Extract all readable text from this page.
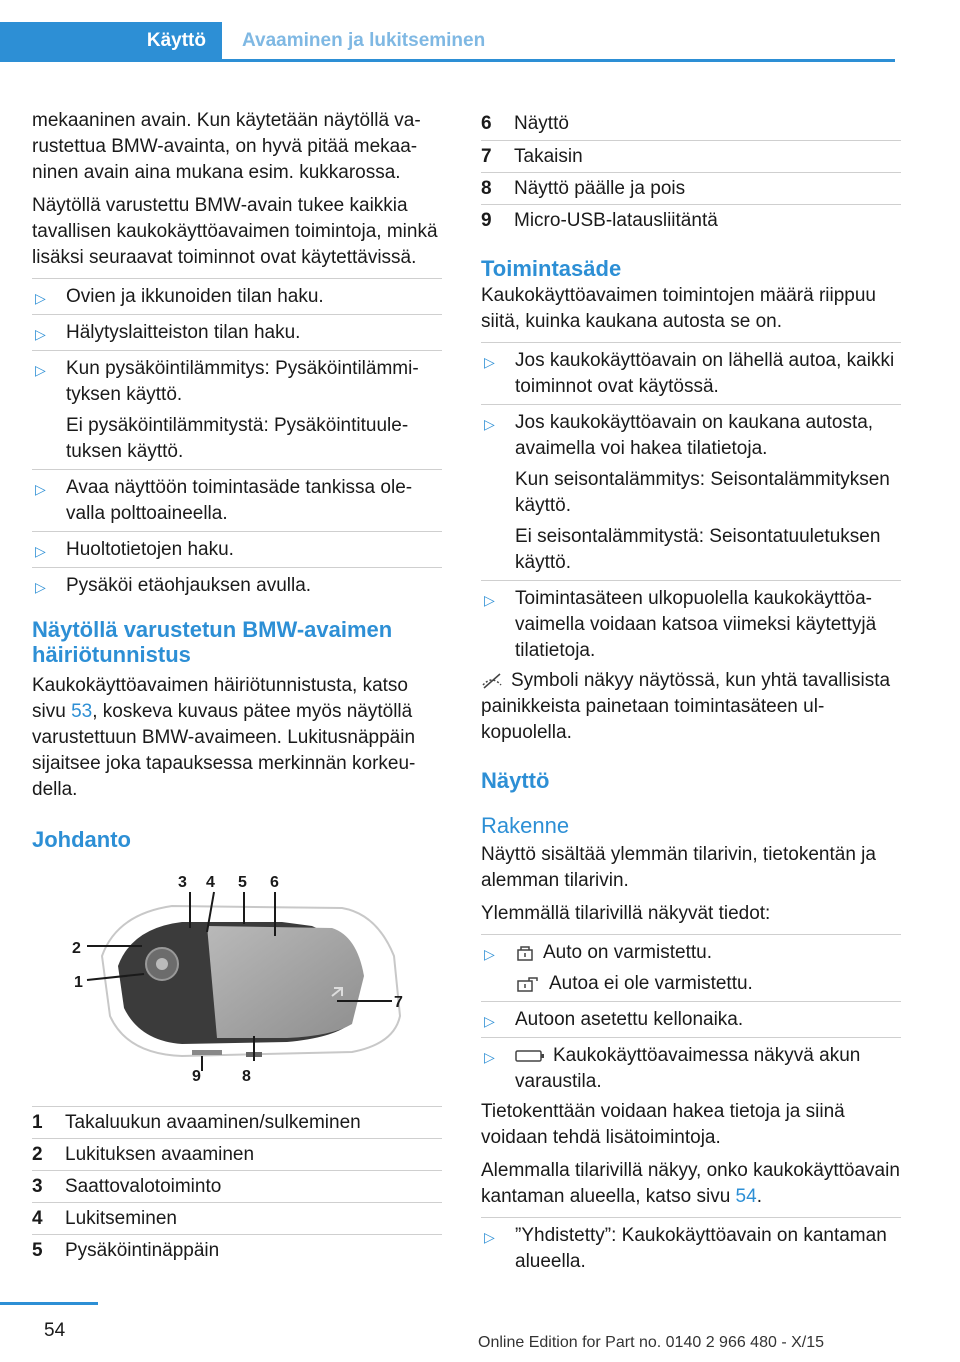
Käyttö	Avaaminen ja lukitseminen

mekaaninen avain. Kun käytetään näytöllä varustettua BMW-avainta, on hyvä pitää mekaaninen avain aina mukana esim. kukkarossa.

Näytöllä varustettu BMW-avain tukee kaikkia tavallisen kaukokäyttöavaimen toimintoja, minkä lisäksi seuraavat toiminnot ovat käytettävissä.

▷ Ovien ja ikkunoiden tilan haku.
▷ Hälytyslaitteiston tilan haku.
▷ Kun pysäköintilämmitys: Pysäköintilämmityksen käyttö.
Ei pysäköintilämmitystä: Pysäköintituuletuksen käyttö.
▷ Avaa näyttöön toimintasäde tankissa olevalla polttoaineella.
▷ Huoltotietojen haku.
▷ Pysäköi etäohjauksen avulla.
Näytöllä varustetun BMW-avaimen häiriötunnistus

Kaukokäyttöavaimen häiriötunnistusta, katso sivu 53, koskeva kuvaus pätee myös näytöllä varustettuun BMW-avaimeen. Lukitusnäppäin sijaitsee joka tapauksessa merkinnän korkeudella.

Johdanto
1
2
3 4 5 6
7
8
9
1 Takaluukun avaaminen/sulkeminen
2 Lukituksen avaaminen
3 Saattovalotoiminto
4 Lukitseminen
5 Pysäköintinäppäin
6 Näyttö
7 Takaisin
8 Näyttö päälle ja pois
9 Micro-USB-latausliitäntä
Toimintasäde

Kaukokäyttöavaimen toimintojen määrä riippuu siitä, kuinka kaukana autosta se on.

▷ Jos kaukokäyttöavain on lähellä autoa, kaikki toiminnot ovat käytössä.
▷ Jos kaukokäyttöavain on kaukana autosta, avaimella voi hakea tilatietoja.
Kun seisontalämmitys: Seisontalämmityksen käyttö.
Ei seisontalämmitystä: Seisontatuuletuksen käyttö.
▷ Toimintasäteen ulkopuolella kaukokäyttöavaimella voidaan katsoa viimeksi käytettyjä tilatietoja.

Symboli näkyy näytössä, kun yhtä tavallisista painikkeista painetaan toimintasäteen ulkopuolella.

Näyttö
Rakenne

Näyttö sisältää ylemmän tilarivin, tietokentän ja alemman tilarivin.

Ylemmällä tilarivillä näkyvät tiedot:

▷	Auto on varmistettu.
Autoa ei ole varmistettu.
▷ Autoon asetettu kellonaika.
▷	Kaukokäyttöavaimessa näkyvä akun varaustila.

Tietokenttään voidaan hakea tietoja ja siinä voidaan tehdä lisätoimintoja.

Alemmalla tilarivillä näkyy, onko kaukokäyttöavain kantaman alueella, katso sivu 54.

▷ ”Yhdistetty”: Kaukokäyttöavain on kantaman alueella.
54
Online Edition for Part no. 0140 2 966 480 - X/15
